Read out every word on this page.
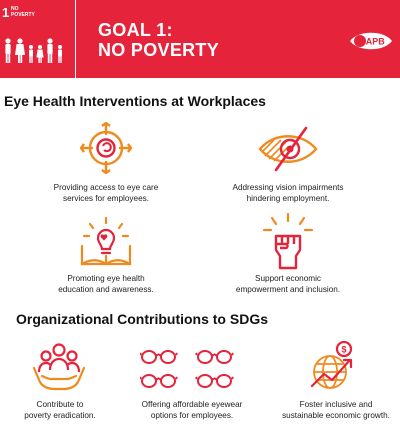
1 NO
POVERTY
GOAL 1:
NO POVERTY	IAPB
Eye Health Interventions at Workplaces
Providing access to eye care
services for employees.
Addressing vision impairments
hindering employment.
Promoting eye health
education and awareness.
Support economic
empowerment and inclusion.
Organizational Contributions to SDGs
Contribute to
poverty eradication.
Offering affordable eyewear
options for employees.
$
Foster inclusive and
sustainable economic growth.
